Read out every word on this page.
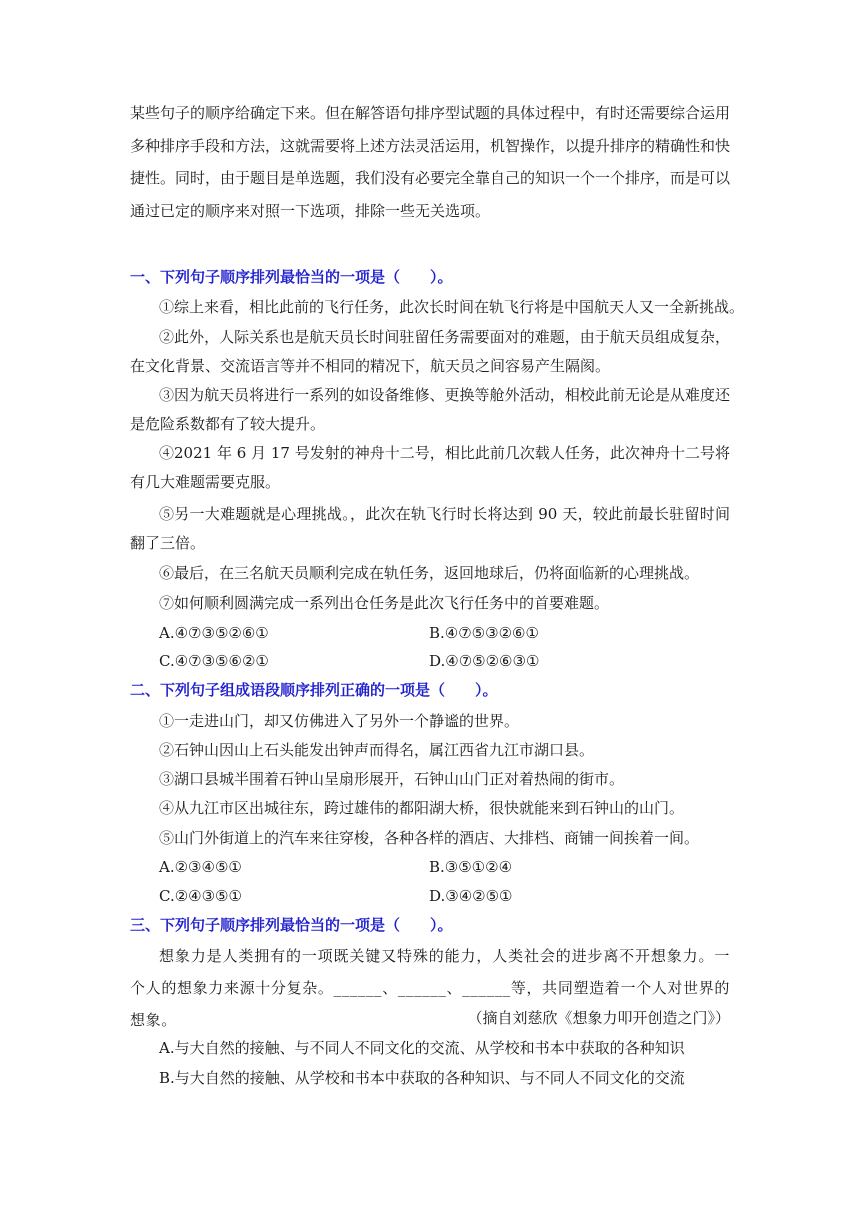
某些句子的顺序给确定下来。但在解答语句排序型试题的具体过程中，有时还需要综合运用多种排序手段和方法，这就需要将上述方法灵活运用，机智操作，以提升排序的精确性和快捷性。同时，由于题目是单选题，我们没有必要完全靠自己的知识一个一个排序，而是可以通过已定的顺序来对照一下选项，排除一些无关选项。

一、下列句子顺序排列最恰当的一项是（　　）。
①综上来看，相比此前的飞行任务，此次长时间在轨飞行将是中国航天人又一全新挑战。
②此外，人际关系也是航天员长时间驻留任务需要面对的难题，由于航天员组成复杂，在文化背景、交流语言等并不相同的精况下，航天员之间容易产生隔阂。
③因为航天员将进行一系列的如设备维修、更换等舱外活动，相校此前无论是从难度还是危险系数都有了较大提升。
④2021 年 6 月 17 号发射的神舟十二号，相比此前几次载人任务，此次神舟十二号将有几大难题需要克服。
⑤另一大难题就是心理挑战。，此次在轨飞行时长将达到 90 天，较此前最长驻留时间翻了三倍。
⑥最后，在三名航天员顺利完成在轨任务，返回地球后，仍将面临新的心理挑战。
⑦如何顺利圆满完成一系列出仓任务是此次飞行任务中的首要难题。
A.④⑦③⑤②⑥①	B.④⑦⑤③②⑥①
C.④⑦③⑤⑥②①	D.④⑦⑤②⑥③①
二、下列句子组成语段顺序排列正确的一项是（　　）。
①一走进山门，却又仿佛进入了另外一个静谧的世界。
②石钟山因山上石头能发出钟声而得名，属江西省九江市湖口县。
③湖口县城半围着石钟山呈扇形展开，石钟山山门正对着热闹的街市。
④从九江市区出城往东，跨过雄伟的都阳湖大桥，很快就能来到石钟山的山门。
⑤山门外街道上的汽车来往穿梭，各种各样的酒店、大排档、商铺一间挨着一间。
A.②③④⑤①	B.③⑤①②④
C.②④③⑤①	D.③④②⑤①
三、下列句子顺序排列最恰当的一项是（　　）。
想象力是人类拥有的一项既关键又特殊的能力，人类社会的进步离不开想象力。一个人的想象力来源十分复杂。______、______、______等，共同塑造着一个人对世界的想象。	（摘自刘慈欣《想象力叩开创造之门》）
A.与大自然的接触、与不同人不同文化的交流、从学校和书本中获取的各种知识
B.与大自然的接触、从学校和书本中获取的各种知识、与不同人不同文化的交流
